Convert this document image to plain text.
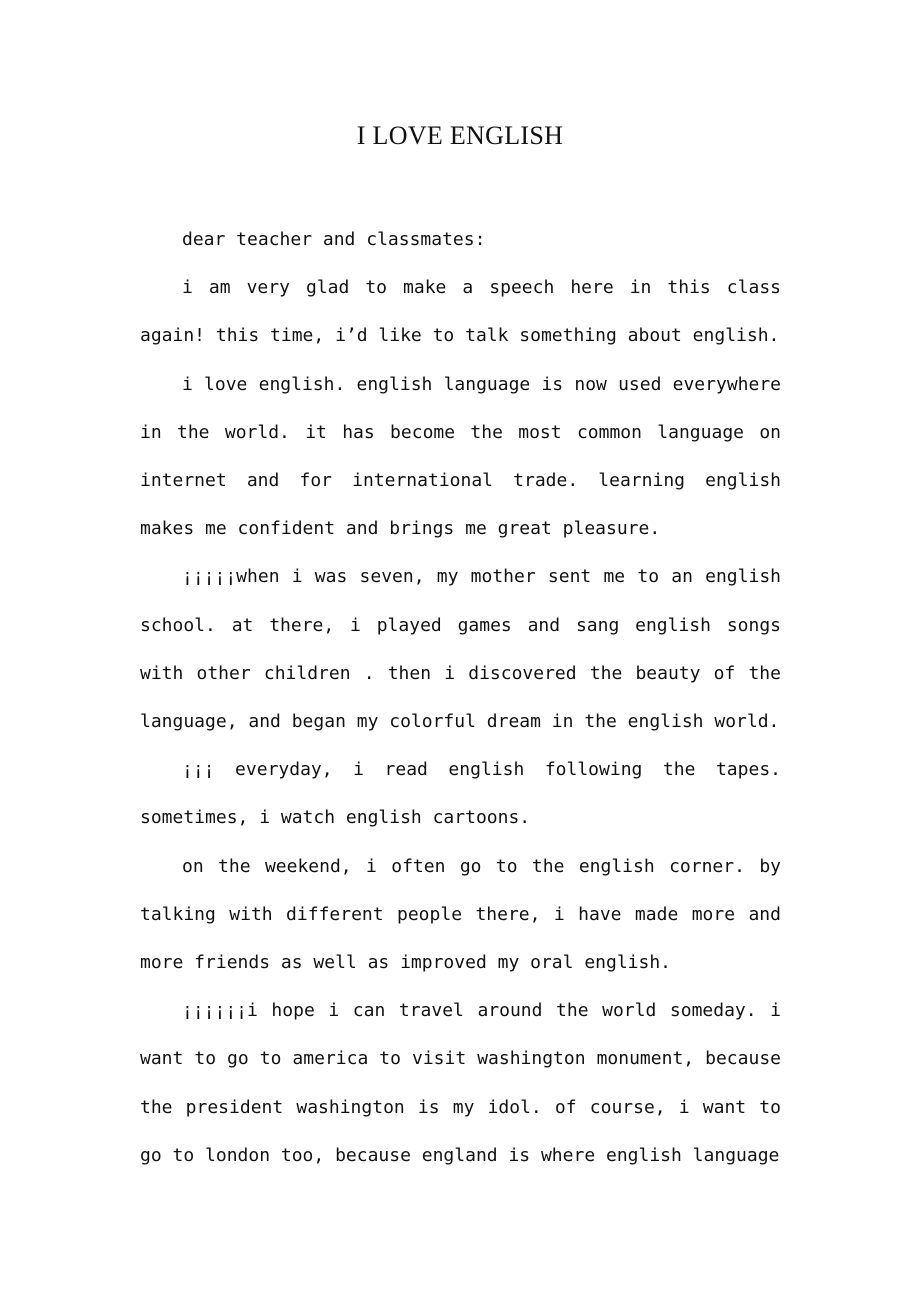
I LOVE ENGLISH

dear teacher and classmates:

i am very glad to make a speech here in this class again! this time, i’d like to talk something about english.

i love english. english language is now used everywhere in the world. it has become the most common language on internet and for international trade. learning english makes me confident and brings me great pleasure.

¡¡¡¡¡when i was seven, my mother sent me to an english school. at there, i played games and sang english songs with other children . then i discovered the beauty of the language, and began my colorful dream in the english world.

¡¡¡ everyday, i read english following the tapes. sometimes, i watch english cartoons.

on the weekend, i often go to the english corner. by talking with different people there, i have made more and more friends as well as improved my oral english.

¡¡¡¡¡¡i hope i can travel around the world someday. i want to go to america to visit washington monument, because the president washington is my idol. of course, i want to go to london too, because england is where english language
